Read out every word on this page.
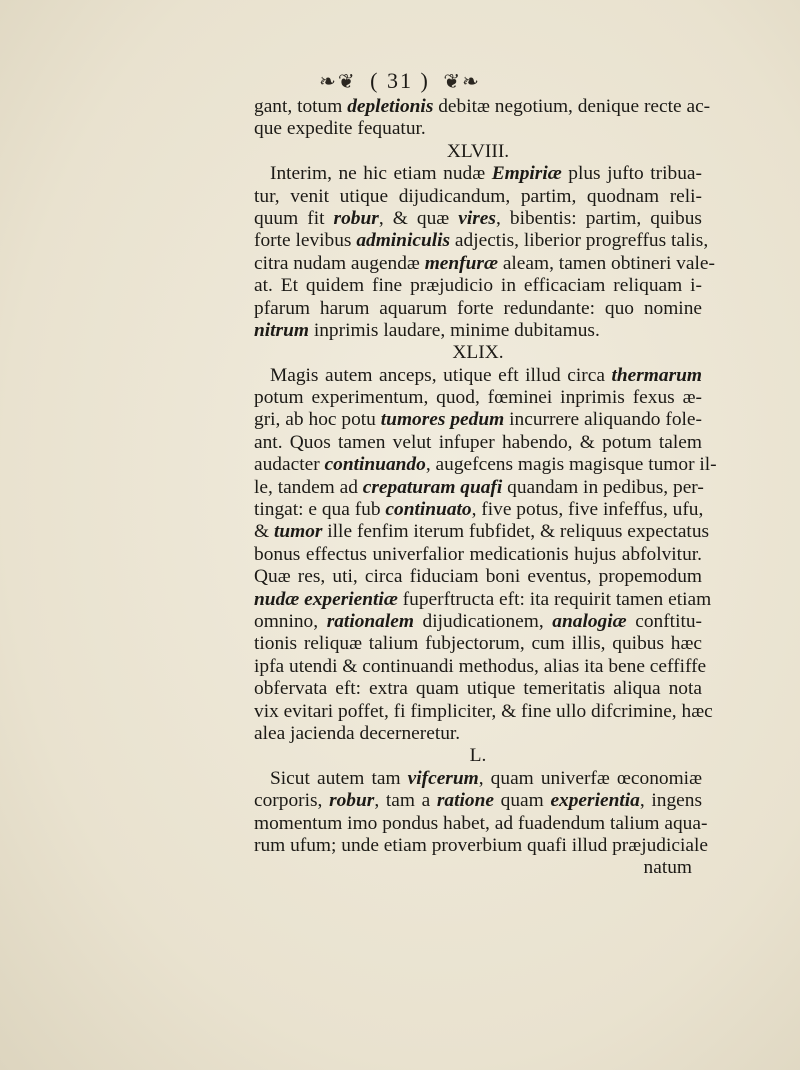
❧❦ ( 31 ) ❦❧
gant, totum depletionis debitæ negotium, denique recte ac-
que expedite fequatur.
XLVIII.
Interim, ne hic etiam nudæ Empiriæ plus jufto tribua-
tur, venit utique dijudicandum, partim, quodnam reli-
quum fit robur, & quæ vires, bibentis: partim, quibus
forte levibus adminiculis adjectis, liberior progreffus talis,
citra nudam augendæ menfuræ aleam, tamen obtineri vale-
at. Et quidem fine præjudicio in efficaciam reliquam i-
pfarum harum aquarum forte redundante: quo nomine
nitrum inprimis laudare, minime dubitamus.
XLIX.
Magis autem anceps, utique eft illud circa thermarum
potum experimentum, quod, fœminei inprimis fexus æ-
gri, ab hoc potu tumores pedum incurrere aliquando fole-
ant. Quos tamen velut infuper habendo, & potum talem
audacter continuando, augefcens magis magisque tumor il-
le, tandem ad crepaturam quafi quandam in pedibus, per-
tingat: e qua fub continuato, five potus, five infeffus, ufu,
& tumor ille fenfim iterum fubfidet, & reliquus expectatus
bonus effectus univerfalior medicationis hujus abfolvitur.
Quæ res, uti, circa fiduciam boni eventus, propemodum
nudæ experientiæ fuperftructa eft: ita requirit tamen etiam
omnino, rationalem dijudicationem, analogiæ conftitu-
tionis reliquæ talium fubjectorum, cum illis, quibus hæc
ipfa utendi & continuandi methodus, alias ita bene ceffiffe
obfervata eft: extra quam utique temeritatis aliqua nota
vix evitari poffet, fi fimpliciter, & fine ullo difcrimine, hæc
alea jacienda decerneretur.
L.
Sicut autem tam vifcerum, quam univerfæ œconomiæ
corporis, robur, tam a ratione quam experientia, ingens
momentum imo pondus habet, ad fuadendum talium aqua-
rum ufum; unde etiam proverbium quafi illud præjudiciale
natum
